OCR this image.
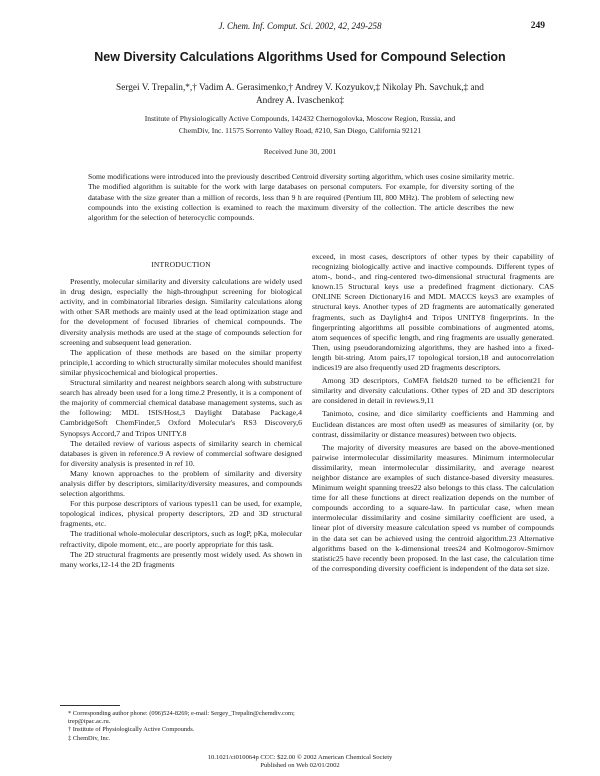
J. Chem. Inf. Comput. Sci. 2002, 42, 249-258	249
New Diversity Calculations Algorithms Used for Compound Selection
Sergei V. Trepalin,*,† Vadim A. Gerasimenko,† Andrey V. Kozyukov,‡ Nikolay Ph. Savchuk,‡ and
Andrey A. Ivaschenko‡
Institute of Physiologically Active Compounds, 142432 Chernogolovka, Moscow Region, Russia, and
ChemDiv, Inc. 11575 Sorrento Valley Road, #210, San Diego, California 92121
Received June 30, 2001
Some modifications were introduced into the previously described Centroid diversity sorting algorithm, which uses cosine similarity metric. The modified algorithm is suitable for the work with large databases on personal computers. For example, for diversity sorting of the database with the size greater than a million of records, less than 9 h are required (Pentium III, 800 MHz). The problem of selecting new compounds into the existing collection is examined to reach the maximum diversity of the collection. The article describes the new algorithm for the selection of heterocyclic compounds.
INTRODUCTION

Presently, molecular similarity and diversity calculations are widely used in drug design, especially the high-throughput screening for biological activity, and in combinatorial libraries design. Similarity calculations along with other SAR methods are mainly used at the lead optimization stage and for the development of focused libraries of chemical compounds. The diversity analysis methods are used at the stage of compounds selection for screening and subsequent lead generation.

The application of these methods are based on the similar property principle,1 according to which structurally similar molecules should manifest similar physicochemical and biological properties.

Structural similarity and nearest neighbors search along with substructure search has already been used for a long time.2 Presently, it is a component of the majority of commercial chemical database management systems, such as the following: MDL ISIS/Host,3 Daylight Database Package,4 CambridgeSoft ChemFinder,5 Oxford Molecular's RS3 Discovery,6 Synopsys Accord,7 and Tripos UNITY.8

The detailed review of various aspects of similarity search in chemical databases is given in reference.9 A review of commercial software designed for diversity analysis is presented in ref 10.

Many known approaches to the problem of similarity and diversity analysis differ by descriptors, similarity/diversity measures, and compounds selection algorithms.

For this purpose descriptors of various types11 can be used, for example, topological indices, physical property descriptors, 2D and 3D structural fragments, etc.

The traditional whole-molecular descriptors, such as logP, pKa, molecular refractivity, dipole moment, etc., are poorly appropriate for this task.

The 2D structural fragments are presently most widely used. As shown in many works,12-14 the 2D fragments

* Corresponding author phone: (096)524-8269; e-mail: Sergey_Trepalin@chemdiv.com; trep@ipac.ac.ru.
† Institute of Physiologically Active Compounds.
‡ ChemDiv, Inc.

exceed, in most cases, descriptors of other types by their capability of recognizing biologically active and inactive compounds. Different types of atom-, bond-, and ring-centered two-dimensional structural fragments are known.15 Structural keys use a predefined fragment dictionary. CAS ONLINE Screen Dictionary16 and MDL MACCS keys3 are examples of structural keys. Another types of 2D fragments are automatically generated fragments, such as Daylight4 and Tripos UNITY8 fingerprints. In the fingerprinting algorithms all possible combinations of augmented atoms, atom sequences of specific length, and ring fragments are usually generated. Then, using pseudorandomizing algorithms, they are hashed into a fixed-length bit-string. Atom pairs,17 topological torsion,18 and autocorrelation indices19 are also frequently used 2D fragments descriptors.

Among 3D descriptors, CoMFA fields20 turned to be efficient21 for similarity and diversity calculations. Other types of 2D and 3D descriptors are considered in detail in reviews.9,11

Tanimoto, cosine, and dice similarity coefficients and Hamming and Euclidean distances are most often used9 as measures of similarity (or, by contrast, dissimilarity or distance measures) between two objects.

The majority of diversity measures are based on the above-mentioned pairwise intermolecular dissimilarity measures. Minimum intermolecular dissimilarity, mean intermolecular dissimilarity, and average nearest neighbor distance are examples of such distance-based diversity measures. Minimum weight spanning trees22 also belongs to this class. The calculation time for all these functions at direct realization depends on the number of compounds according to a square-law. In particular case, when mean intermolecular dissimilarity and cosine similarity coefficient are used, a linear plot of diversity measure calculation speed vs number of compounds in the data set can be achieved using the centroid algorithm.23 Alternative algorithms based on the k-dimensional trees24 and Kolmogorov-Smirnov statistic25 have recently been proposed. In the last case, the calculation time of the corresponding diversity coefficient is independent of the data set size.

10.1021/ci010064p CCC: $22.00 © 2002 American Chemical Society
Published on Web 02/01/2002
